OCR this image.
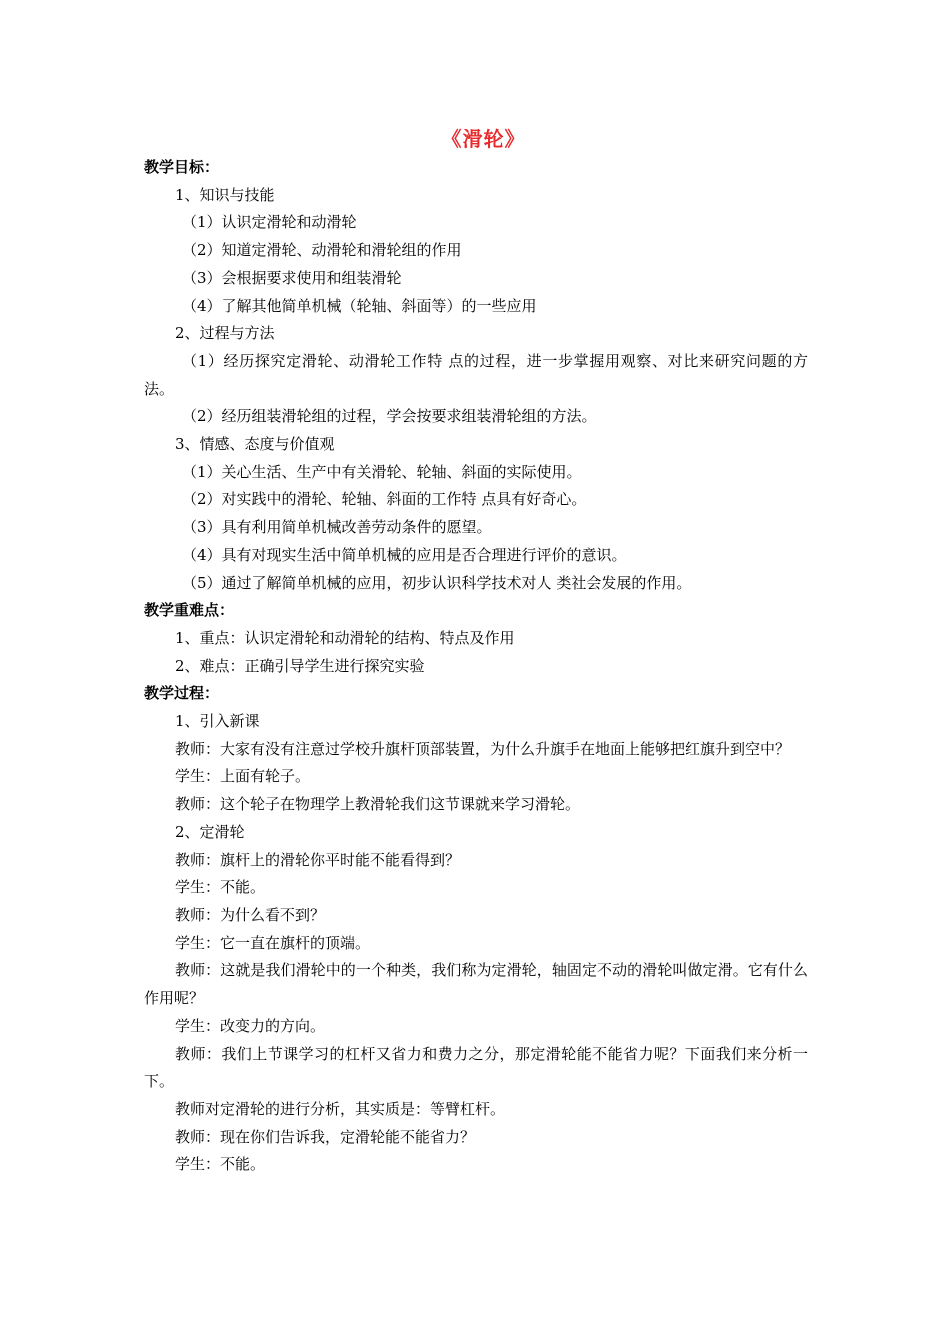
《滑轮》

教学目标：

1、知识与技能

（1）认识定滑轮和动滑轮

（2）知道定滑轮、动滑轮和滑轮组的作用

（3）会根据要求使用和组装滑轮

（4）了解其他简单机械（轮轴、斜面等）的一些应用

2、过程与方法

（1）经历探究定滑轮、动滑轮工作特 点的过程，进一步掌握用观察、对比来研究问题的方法。

（2）经历组装滑轮组的过程，学会按要求组装滑轮组的方法。

3、情感、态度与价值观

（1）关心生活、生产中有关滑轮、轮轴、斜面的实际使用。

（2）对实践中的滑轮、轮轴、斜面的工作特 点具有好奇心。

（3）具有利用简单机械改善劳动条件的愿望。

（4）具有对现实生活中简单机械的应用是否合理进行评价的意识。

（5）通过了解简单机械的应用，初步认识科学技术对人 类社会发展的作用。

教学重难点：

1、重点：认识定滑轮和动滑轮的结构、特点及作用

2、难点：正确引导学生进行探究实验

教学过程：

1、引入新课

教师：大家有没有注意过学校升旗杆顶部装置，为什么升旗手在地面上能够把红旗升到空中？

学生：上面有轮子。

教师：这个轮子在物理学上教滑轮我们这节课就来学习滑轮。

2、定滑轮

教师：旗杆上的滑轮你平时能不能看得到？

学生：不能。

教师：为什么看不到？

学生：它一直在旗杆的顶端。

教师：这就是我们滑轮中的一个种类，我们称为定滑轮，轴固定不动的滑轮叫做定滑。它有什么作用呢？

学生：改变力的方向。

教师：我们上节课学习的杠杆又省力和费力之分，那定滑轮能不能省力呢？下面我们来分析一下。

教师对定滑轮的进行分析，其实质是：等臂杠杆。

教师：现在你们告诉我，定滑轮能不能省力？

学生：不能。
